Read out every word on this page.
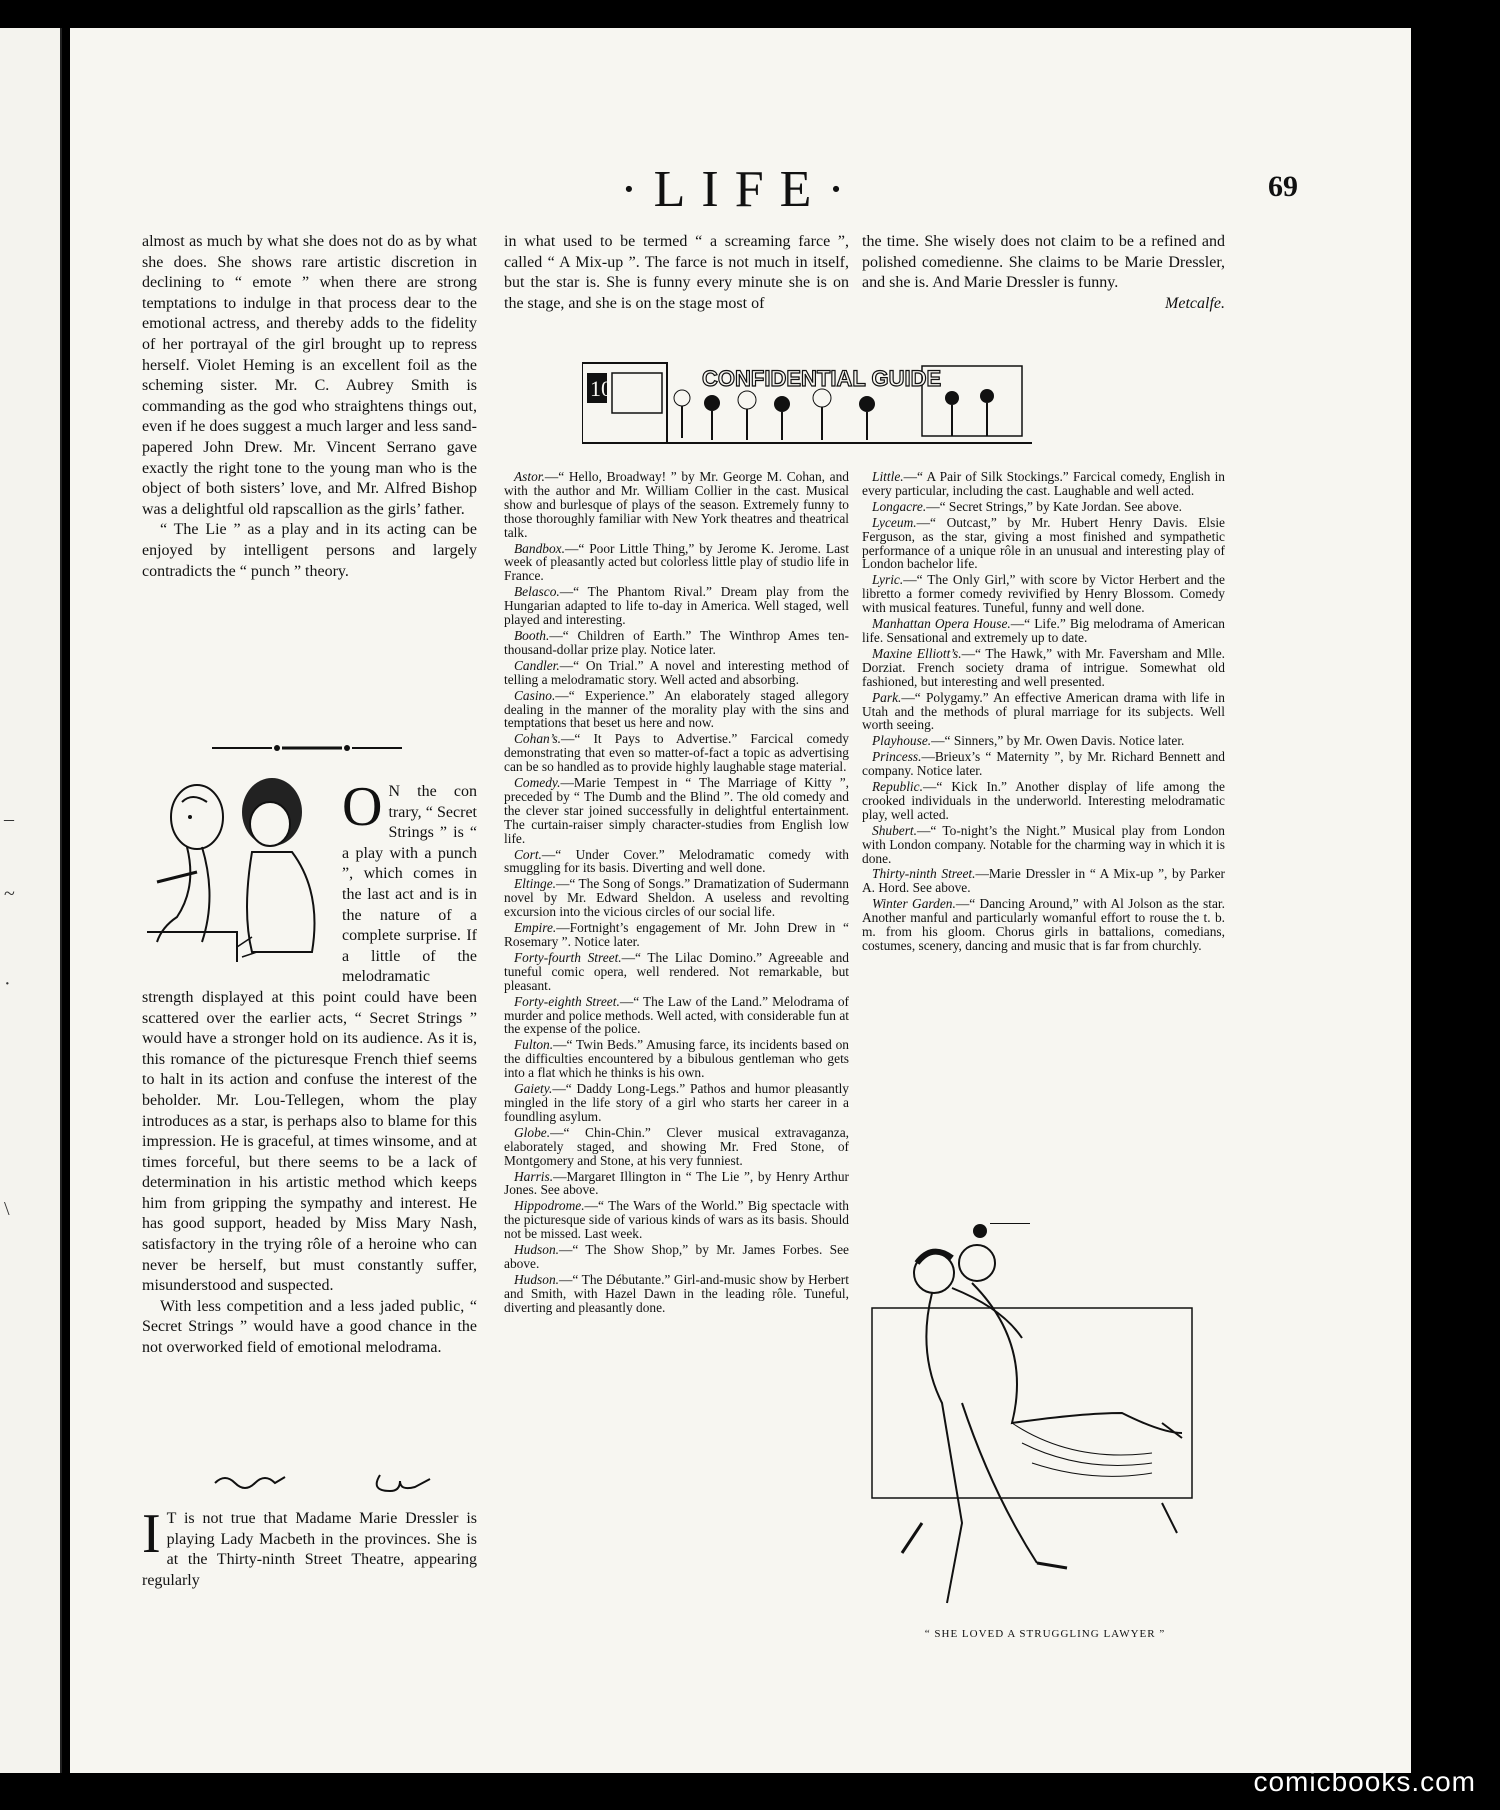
–
~
·
\
·LIFE·	69

almost as much by what she does not do as by what she does. She shows rare artistic discretion in declining to “ emote ” when there are strong temptations to indulge in that process dear to the emotional actress, and thereby adds to the fidelity of her portrayal of the girl brought up to repress herself. Violet Heming is an excellent foil as the scheming sister. Mr. C. Aubrey Smith is commanding as the god who straightens things out, even if he does suggest a much larger and less sand-papered John Drew. Mr. Vincent Serrano gave exactly the right tone to the young man who is the object of both sisters’ love, and Mr. Alfred Bishop was a delightful old rapscallion as the girls’ father.

“ The Lie ” as a play and in its acting can be enjoyed by intelligent persons and largely contradicts the “ punch ” theory.

O N the con trary, “ Secret Strings ” is “ a play with a punch ”, which comes in the last act and is in the nature of a complete surprise. If a little of the melodramatic strength displayed at this point could have been scattered over the earlier acts, “ Secret Strings ” would have a stronger hold on its audience. As it is, this romance of the picturesque French thief seems to halt in its action and confuse the interest of the beholder. Mr. Lou-Tellegen, whom the play introduces as a star, is perhaps also to blame for this impression. He is graceful, at times winsome, and at times forceful, but there seems to be a lack of determination in his artistic method which keeps him from gripping the sympathy and interest. He has good support, headed by Miss Mary Nash, satisfactory in the trying rôle of a heroine who can never be herself, but must constantly suffer, misunderstood and suspected.

With less competition and a less jaded public, “ Secret Strings ” would have a good chance in the not overworked field of emotional melodrama.

I T is not true that Madame Marie Dressler is playing Lady Macbeth in the provinces. She is at the Thirty-ninth Street Theatre, appearing regularly

in what used to be termed “ a screaming farce ”, called “ A Mix-up ”. The farce is not much in itself, but the star is. She is funny every minute she is on the stage, and she is on the stage most of

the time. She wisely does not claim to be a refined and polished comedienne. She claims to be Marie Dressler, and she is. And Marie Dressler is funny.

Metcalfe.
10	CONFIDENTIAL GUIDE

Astor.—“ Hello, Broadway! ” by Mr. George M. Cohan, and with the author and Mr. William Collier in the cast. Musical show and burlesque of plays of the season. Extremely funny to those thoroughly familiar with New York theatres and theatrical talk.

Bandbox.—“ Poor Little Thing,” by Jerome K. Jerome. Last week of pleasantly acted but colorless little play of studio life in France.

Belasco.—“ The Phantom Rival.” Dream play from the Hungarian adapted to life to-day in America. Well staged, well played and interesting.

Booth.—“ Children of Earth.” The Winthrop Ames ten-thousand-dollar prize play. Notice later.

Candler.—“ On Trial.” A novel and interesting method of telling a melodramatic story. Well acted and absorbing.

Casino.—“ Experience.” An elaborately staged allegory dealing in the manner of the morality play with the sins and temptations that beset us here and now.

Cohan’s.—“ It Pays to Advertise.” Farcical comedy demonstrating that even so matter-of-fact a topic as advertising can be so handled as to provide highly laughable stage material.

Comedy.—Marie Tempest in “ The Marriage of Kitty ”, preceded by “ The Dumb and the Blind ”. The old comedy and the clever star joined successfully in delightful entertainment. The curtain-raiser simply character-studies from English low life.

Cort.—“ Under Cover.” Melodramatic comedy with smuggling for its basis. Diverting and well done.

Eltinge.—“ The Song of Songs.” Dramatization of Sudermann novel by Mr. Edward Sheldon. A useless and revolting excursion into the vicious circles of our social life.

Empire.—Fortnight’s engagement of Mr. John Drew in “ Rosemary ”. Notice later.

Forty-fourth Street.—“ The Lilac Domino.” Agreeable and tuneful comic opera, well rendered. Not remarkable, but pleasant.

Forty-eighth Street.—“ The Law of the Land.” Melodrama of murder and police methods. Well acted, with considerable fun at the expense of the police.

Fulton.—“ Twin Beds.” Amusing farce, its incidents based on the difficulties encountered by a bibulous gentleman who gets into a flat which he thinks is his own.

Gaiety.—“ Daddy Long-Legs.” Pathos and humor pleasantly mingled in the life story of a girl who starts her career in a foundling asylum.

Globe.—“ Chin-Chin.” Clever musical extravaganza, elaborately staged, and showing Mr. Fred Stone, of Montgomery and Stone, at his very funniest.

Harris.—Margaret Illington in “ The Lie ”, by Henry Arthur Jones. See above.

Hippodrome.—“ The Wars of the World.” Big spectacle with the picturesque side of various kinds of wars as its basis. Should not be missed. Last week.

Hudson.—“ The Show Shop,” by Mr. James Forbes. See above.

Hudson.—“ The Débutante.” Girl-and-music show by Herbert and Smith, with Hazel Dawn in the leading rôle. Tuneful, diverting and pleasantly done.

Little.—“ A Pair of Silk Stockings.” Farcical comedy, English in every particular, including the cast. Laughable and well acted.

Longacre.—“ Secret Strings,” by Kate Jordan. See above.

Lyceum.—“ Outcast,” by Mr. Hubert Henry Davis. Elsie Ferguson, as the star, giving a most finished and sympathetic performance of a unique rôle in an unusual and interesting play of London bachelor life.

Lyric.—“ The Only Girl,” with score by Victor Herbert and the libretto a former comedy revivified by Henry Blossom. Comedy with musical features. Tuneful, funny and well done.

Manhattan Opera House.—“ Life.” Big melodrama of American life. Sensational and extremely up to date.

Maxine Elliott’s.—“ The Hawk,” with Mr. Faversham and Mlle. Dorziat. French society drama of intrigue. Somewhat old fashioned, but interesting and well presented.

Park.—“ Polygamy.” An effective American drama with life in Utah and the methods of plural marriage for its subjects. Well worth seeing.

Playhouse.—“ Sinners,” by Mr. Owen Davis. Notice later.

Princess.—Brieux’s “ Maternity ”, by Mr. Richard Bennett and company. Notice later.

Republic.—“ Kick In.” Another display of life among the crooked individuals in the underworld. Interesting melodramatic play, well acted.

Shubert.—“ To-night’s the Night.” Musical play from London with London company. Notable for the charming way in which it is done.

Thirty-ninth Street.—Marie Dressler in “ A Mix-up ”, by Parker A. Hord. See above.

Winter Garden.—“ Dancing Around,” with Al Jolson as the star. Another manful and particularly womanful effort to rouse the t. b. m. from his gloom. Chorus girls in battalions, comedians, costumes, scenery, dancing and music that is far from churchly.

“ SHE LOVED A STRUGGLING LAWYER ”
comicbooks.com
